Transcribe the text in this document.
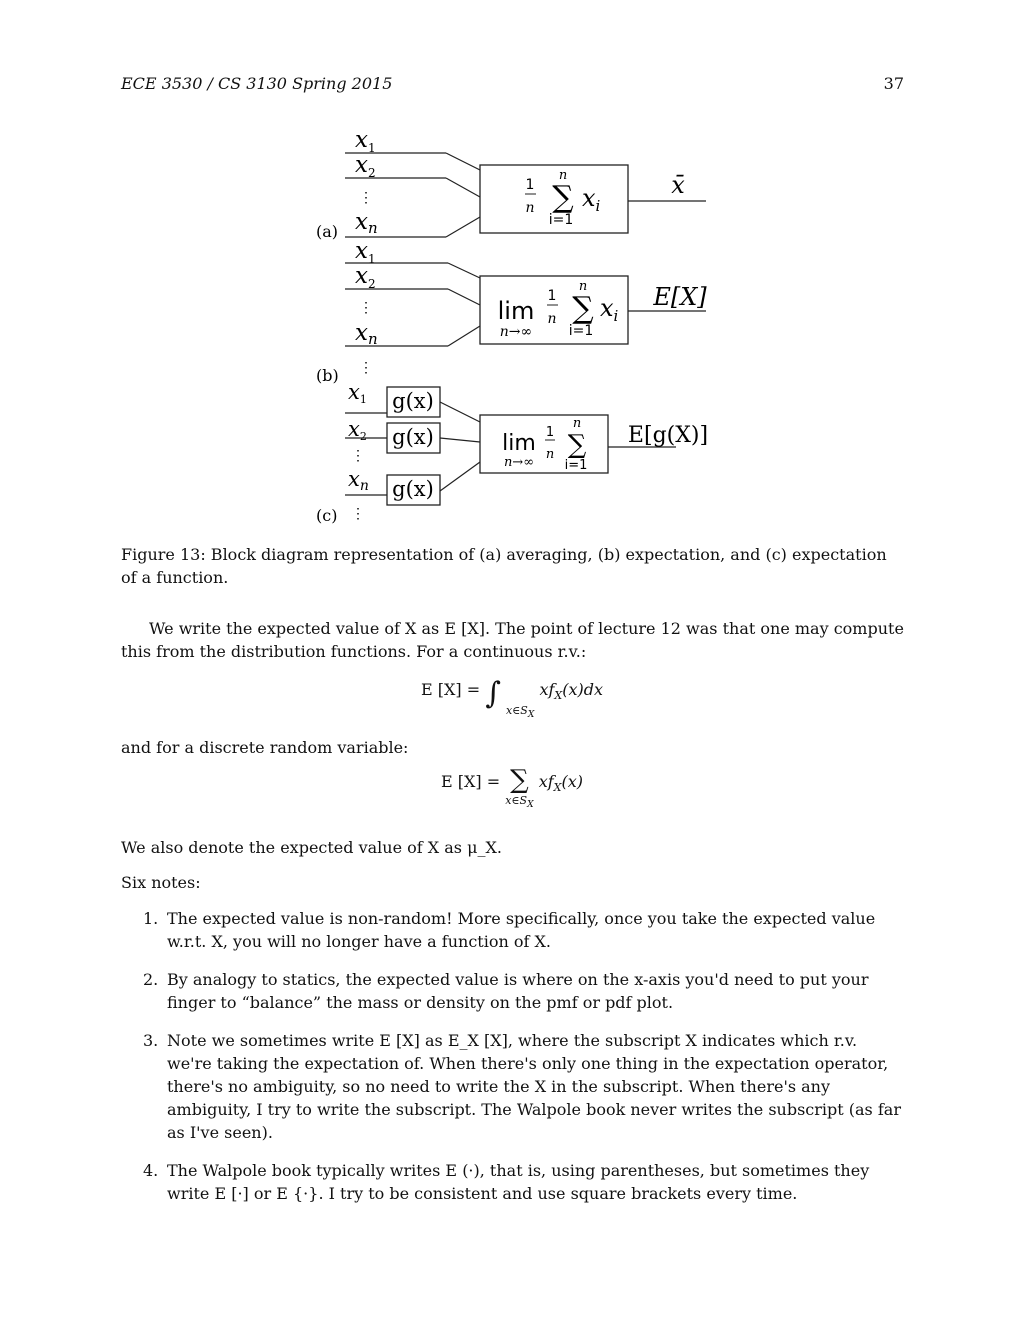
ECE 3530 / CS 3130 Spring 2015	37
$x_1$
$x_2$
⋮
xn
(a)
1
n
n
∑
i=1
$x_i$
x̄
$x_1$
$x_2$
⋮
xn
⋮
(b)
lim
n→∞
1
n
n
∑
i=1
$x_i$
E[X]
x1
x2
⋮
xn
⋮
(c)
g(x)
g(x)
g(x)
lim
n→∞
1
n
n
∑
i=1
E[g(X)]
Figure 13: Block diagram representation of (a) averaging, (b) expectation, and (c) expectation of a function.
We write the expected value of X as E [X]. The point of lecture 12 was that one may compute this from the distribution functions. For a continuous r.v.:
E [X] = ∫ $_{x\in S_X}$ $xf_X(x)dx$
and for a discrete random variable:
E [X] = ∑
$x\in S_X$
$xf_X(x)$
We also denote the expected value of X as μ_X.
Six notes:
1. The expected value is non-random! More specifically, once you take the expected value w.r.t. X, you will no longer have a function of X.
2. By analogy to statics, the expected value is where on the x-axis you'd need to put your finger to “balance” the mass or density on the pmf or pdf plot.
3. Note we sometimes write E [X] as E_X [X], where the subscript X indicates which r.v. we're taking the expectation of. When there's only one thing in the expectation operator, there's no ambiguity, so no need to write the X in the subscript. When there's any ambiguity, I try to write the subscript. The Walpole book never writes the subscript (as far as I've seen).
4. The Walpole book typically writes E (·), that is, using parentheses, but sometimes they write E [·] or E {·}. I try to be consistent and use square brackets every time.
